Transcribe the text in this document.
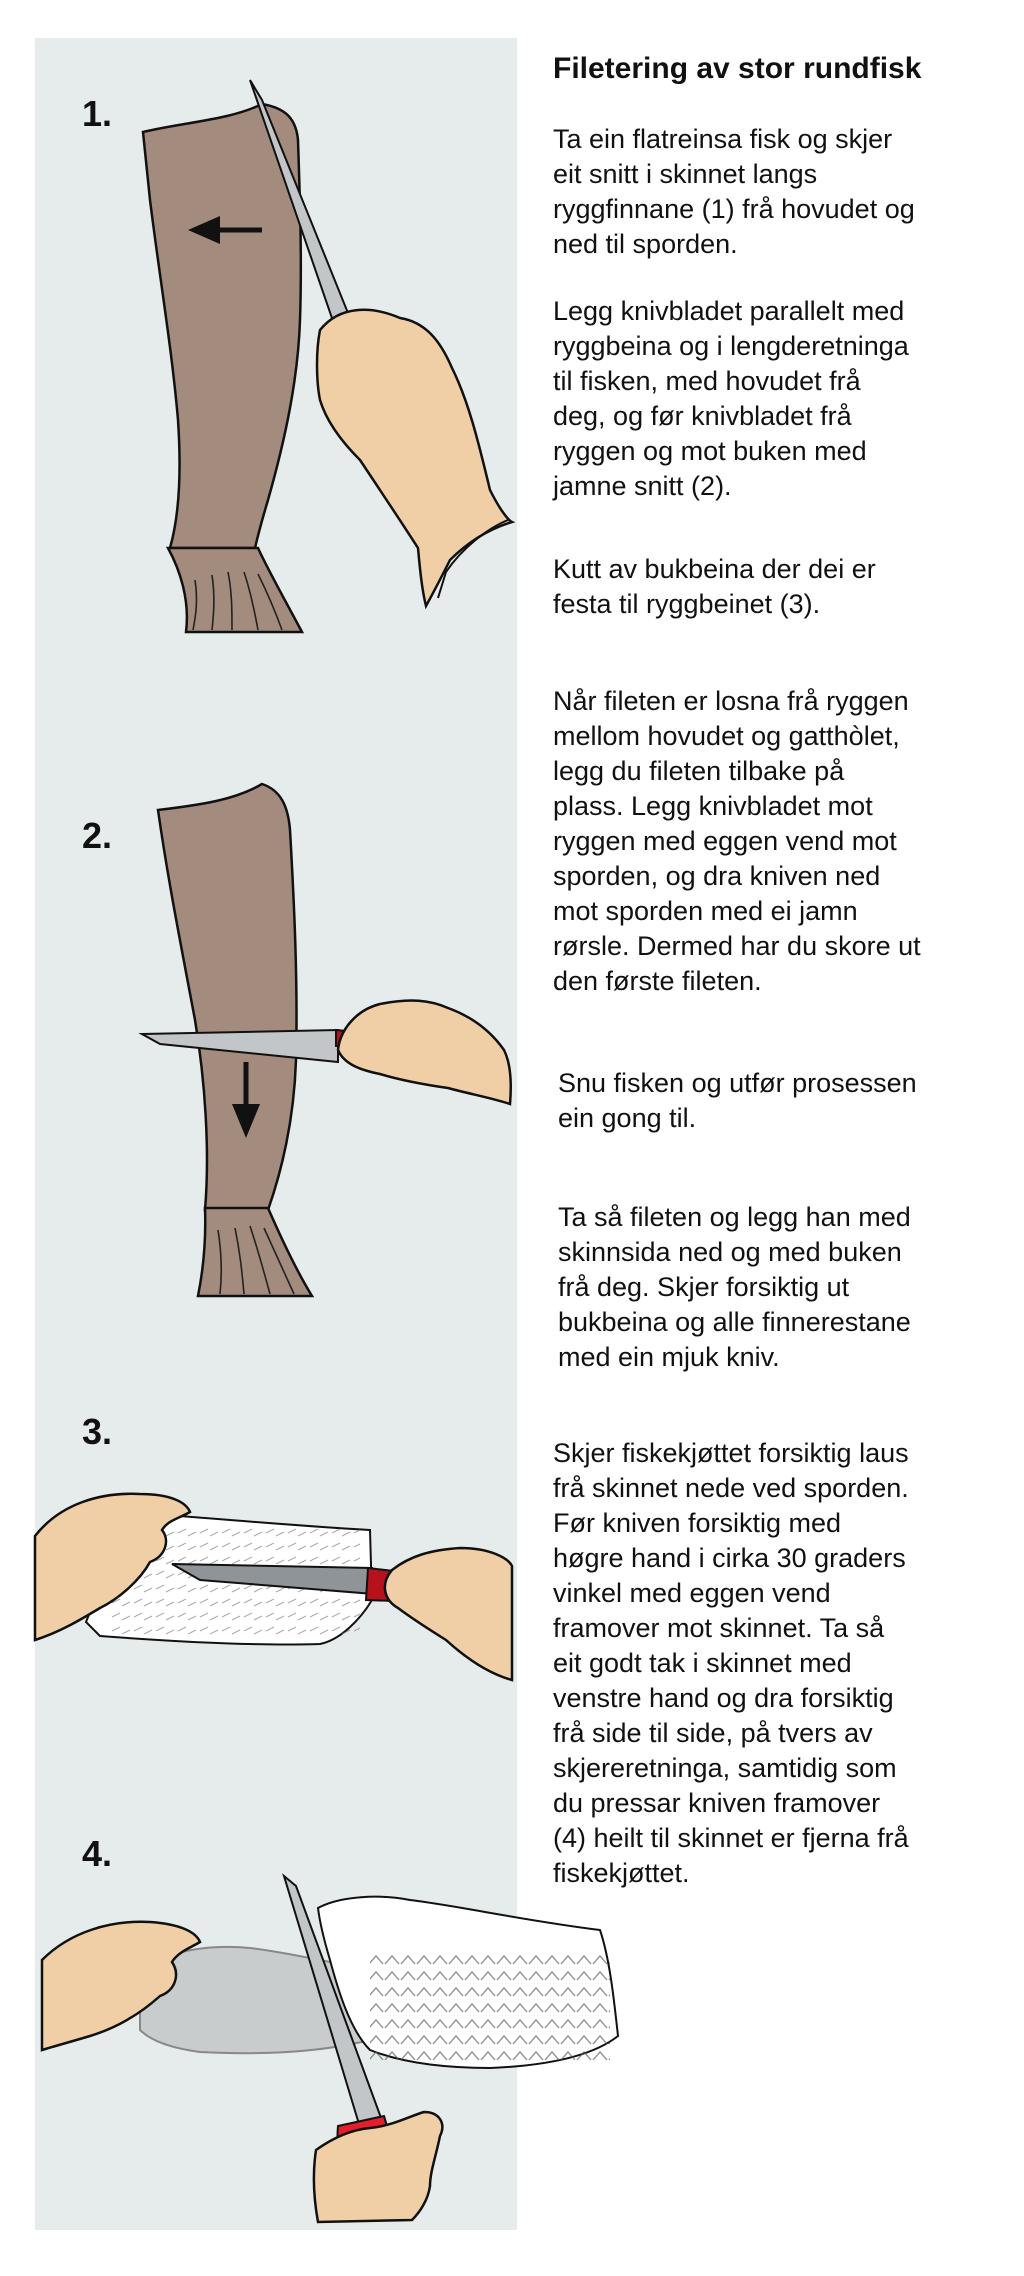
1.
2.
3.
4.
Filetering av stor rundfisk
Ta ein flatreinsa fisk og skjer
eit snitt i skinnet langs
ryggfinnane (1) frå hovudet og
ned til sporden.
Legg knivbladet parallelt med
ryggbeina og i lengderetninga
til fisken, med hovudet frå
deg, og før knivbladet frå
ryggen og mot buken med
jamne snitt (2).
Kutt av bukbeina der dei er
festa til ryggbeinet (3).
Når fileten er losna frå ryggen
mellom hovudet og gatthòlet,
legg du fileten tilbake på
plass. Legg knivbladet mot
ryggen med eggen vend mot
sporden, og dra kniven ned
mot sporden med ei jamn
rørsle. Dermed har du skore ut
den første fileten.
Snu fisken og utfør prosessen
ein gong til.
Ta så fileten og legg han med
skinnsida ned og med buken
frå deg. Skjer forsiktig ut
bukbeina og alle finnerestane
med ein mjuk kniv.
Skjer fiskekjøttet forsiktig laus
frå skinnet nede ved sporden.
Før kniven forsiktig med
høgre hand i cirka 30 graders
vinkel med eggen vend
framover mot skinnet. Ta så
eit godt tak i skinnet med
venstre hand og dra forsiktig
frå side til side, på tvers av
skjereretninga, samtidig som
du pressar kniven framover
(4) heilt til skinnet er fjerna frå
fiskekjøttet.
